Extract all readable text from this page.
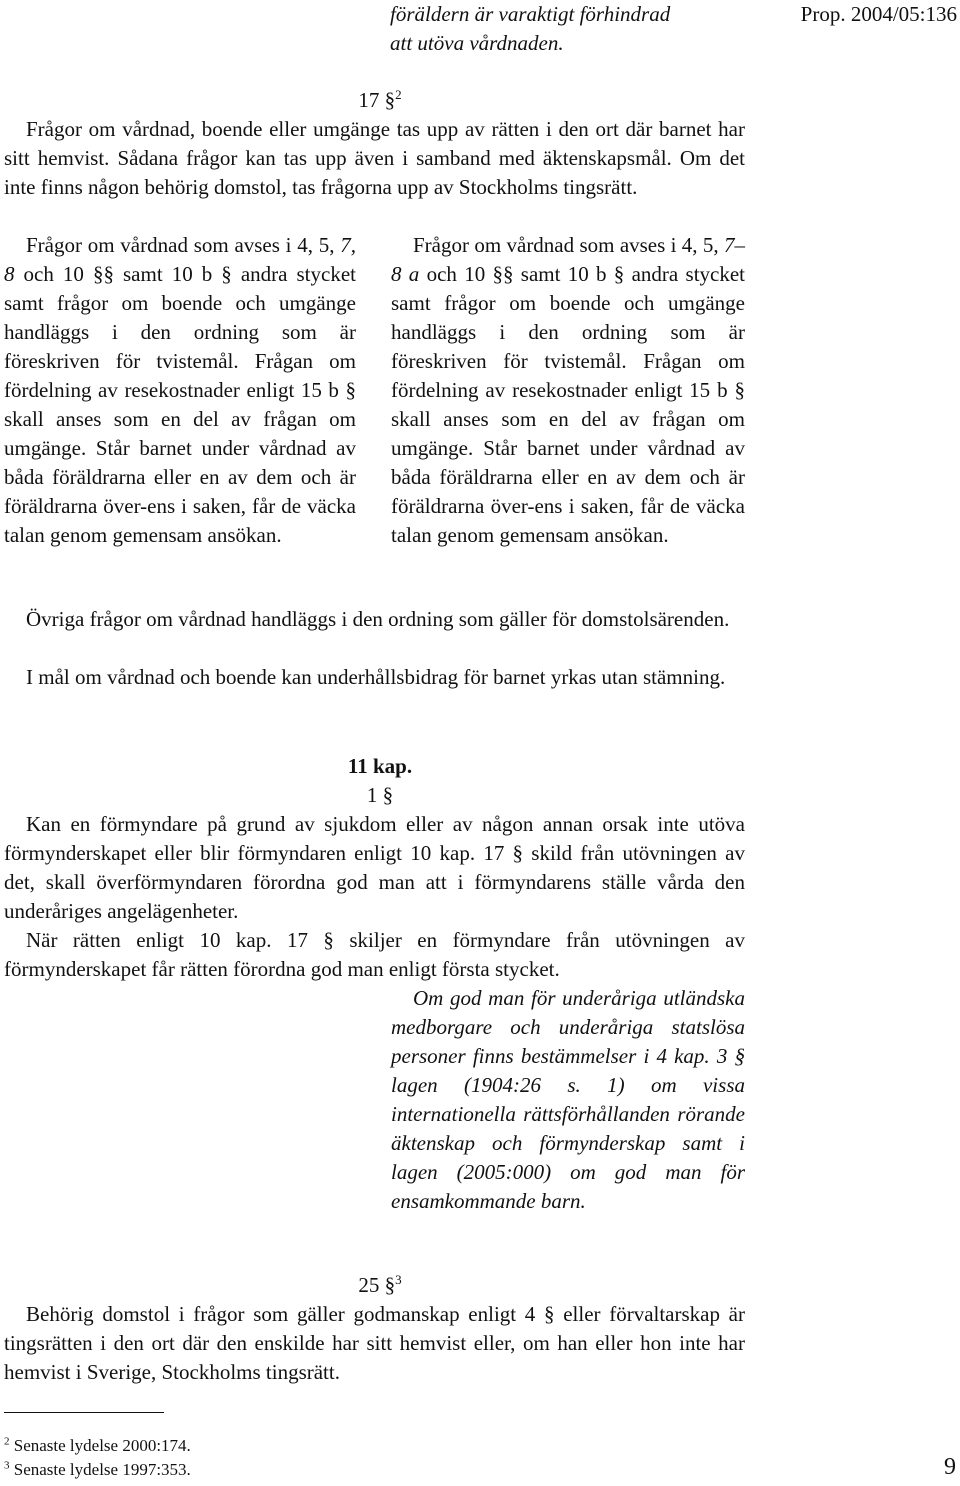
föräldern är varaktigt förhindrad
att utöva vårdnaden.
Prop. 2004/05:136
17 §$^2$
Frågor om vårdnad, boende eller umgänge tas upp av rätten i den ort där barnet har sitt hemvist. Sådana frågor kan tas upp även i samband med äktenskapsmål. Om det inte finns någon behörig domstol, tas frågorna upp av Stockholms tingsrätt.
Frågor om vårdnad som avses i 4, 5, 7, 8 och 10 §§ samt 10 b § andra stycket samt frågor om boende och umgänge handläggs i den ordning som är föreskriven för tvistemål. Frågan om fördelning av resekostnader enligt 15 b § skall anses som en del av frågan om umgänge. Står barnet under vårdnad av båda föräldrarna eller en av dem och är föräldrarna över-ens i saken, får de väcka talan genom gemensam ansökan.
Frågor om vårdnad som avses i 4, 5, 7–8 a och 10 §§ samt 10 b § andra stycket samt frågor om boende och umgänge handläggs i den ordning som är föreskriven för tvistemål. Frågan om fördelning av resekostnader enligt 15 b § skall anses som en del av frågan om umgänge. Står barnet under vårdnad av båda föräldrarna eller en av dem och är föräldrarna över-ens i saken, får de väcka talan genom gemensam ansökan.
Övriga frågor om vårdnad handläggs i den ordning som gäller för domstolsärenden.
I mål om vårdnad och boende kan underhållsbidrag för barnet yrkas utan stämning.
11 kap.
1 §
Kan en förmyndare på grund av sjukdom eller av någon annan orsak inte utöva förmynderskapet eller blir förmyndaren enligt 10 kap. 17 § skild från utövningen av det, skall överförmyndaren förordna god man att i förmyndarens ställe vårda den underåriges angelägenheter.
När rätten enligt 10 kap. 17 § skiljer en förmyndare från utövningen av förmynderskapet får rätten förordna god man enligt första stycket.
Om god man för underåriga utländska medborgare och underåriga statslösa personer finns bestämmelser i 4 kap. 3 § lagen (1904:26 s. 1) om vissa internationella rättsförhållanden rörande äktenskap och förmynderskap samt i lagen (2005:000) om god man för ensamkommande barn.
25 §$^3$
Behörig domstol i frågor som gäller godmanskap enligt 4 § eller förvaltarskap är tingsrätten i den ort där den enskilde har sitt hemvist eller, om han eller hon inte har hemvist i Sverige, Stockholms tingsrätt.
$^2$ Senaste lydelse 2000:174.
$^3$ Senaste lydelse 1997:353.	9
